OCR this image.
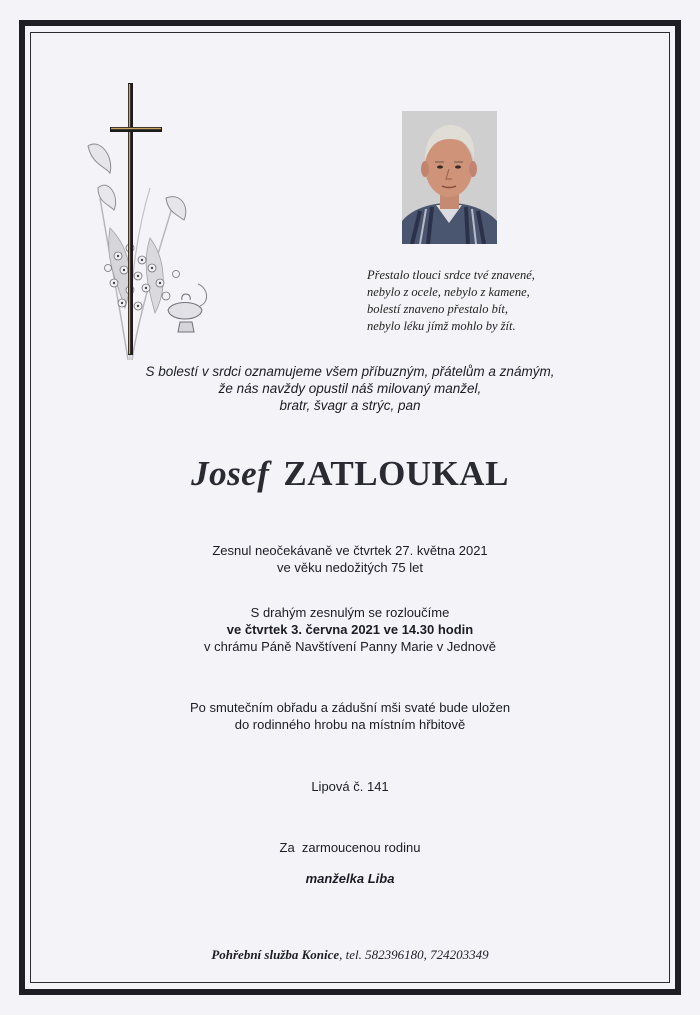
Přestalo tlouci srdce tvé znavené,
nebylo z ocele, nebylo z kamene,
bolestí znaveno přestalo bít,
nebylo léku jímž mohlo by žít.
S bolestí v srdci oznamujeme všem příbuzným, přátelům a známým,
že nás navždy opustil náš milovaný manžel,
bratr, švagr a strýc, pan
Josef ZATLOUKAL
Zesnul neočekávaně ve čtvrtek 27. května 2021
ve věku nedožitých 75 let
S drahým zesnulým se rozloučíme
ve čtvrtek 3. června 2021 ve 14.30 hodin
v chrámu Páně Navštívení Panny Marie v Jednově
Po smutečním obřadu a zádušní mši svaté bude uložen
do rodinného hrobu na místním hřbitově
Lipová č. 141
Za  zarmoucenou rodinu
manželka Liba
Pohřební služba Konice, tel. 582396180, 724203349
